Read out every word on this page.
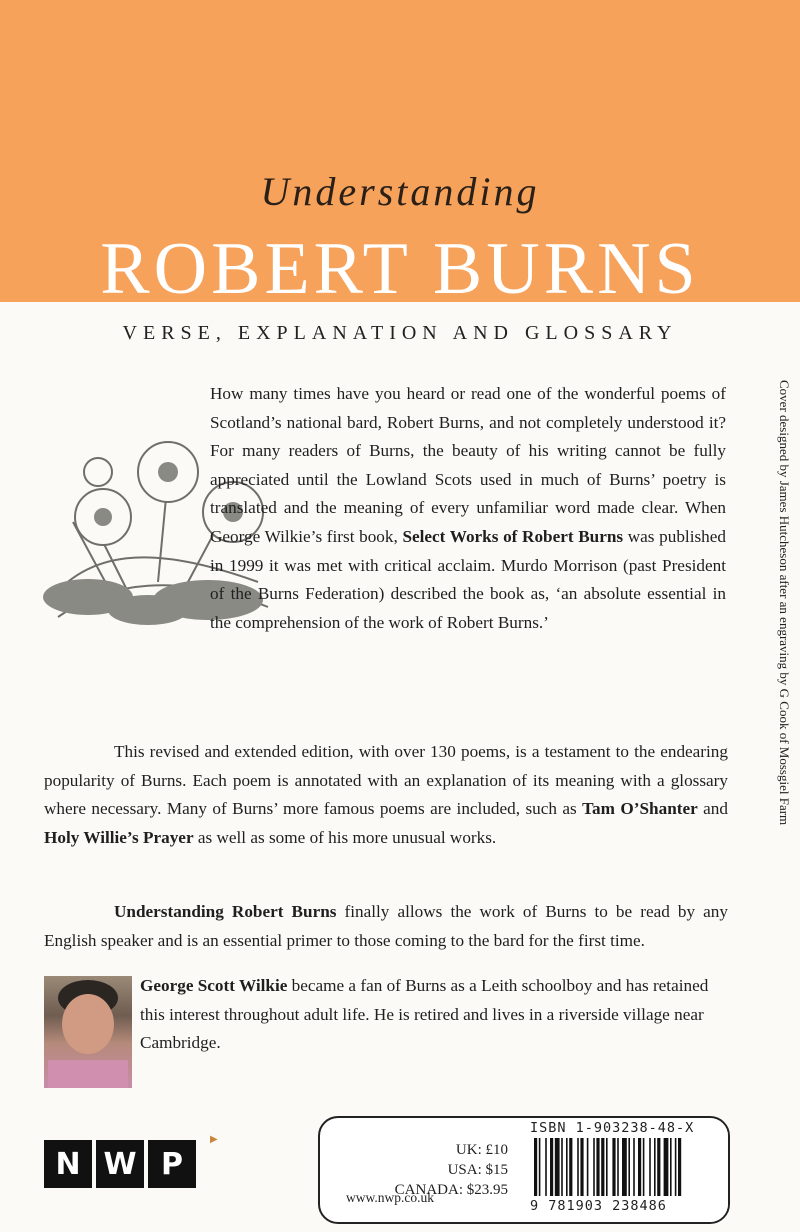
Understanding
ROBERT BURNS
VERSE, EXPLANATION AND GLOSSARY

How many times have you heard or read one of the wonderful poems of Scotland’s national bard, Robert Burns, and not completely understood it? For many readers of Burns, the beauty of his writing cannot be fully appreciated until the Lowland Scots used in much of Burns’ poetry is translated and the meaning of every unfamiliar word made clear. When George Wilkie’s first book, Select Works of Robert Burns was published in 1999 it was met with critical acclaim. Murdo Morrison (past President of the Burns Federation) described the book as, ‘an absolute essential in the comprehension of the work of Robert Burns.’

This revised and extended edition, with over 130 poems, is a testament to the endearing popularity of Burns. Each poem is annotated with an explanation of its meaning with a glossary where necessary. Many of Burns’ more famous poems are included, such as Tam O’Shanter and Holy Willie’s Prayer as well as some of his more unusual works.

Understanding Robert Burns finally allows the work of Burns to be read by any English speaker and is an essential primer to those coming to the bard for the first time.

George Scott Wilkie became a fan of Burns as a Leith schoolboy and has retained this interest throughout adult life. He is retired and lives in a riverside village near Cambridge.

Cover designed by James Hutcheson after an engraving by G Cook of Mossgiel Farm
N W P
▶
UK: £10
USA: $15
CANADA: $23.95
www.nwp.co.uk
ISBN 1-903238-48-X
9 781903 238486
